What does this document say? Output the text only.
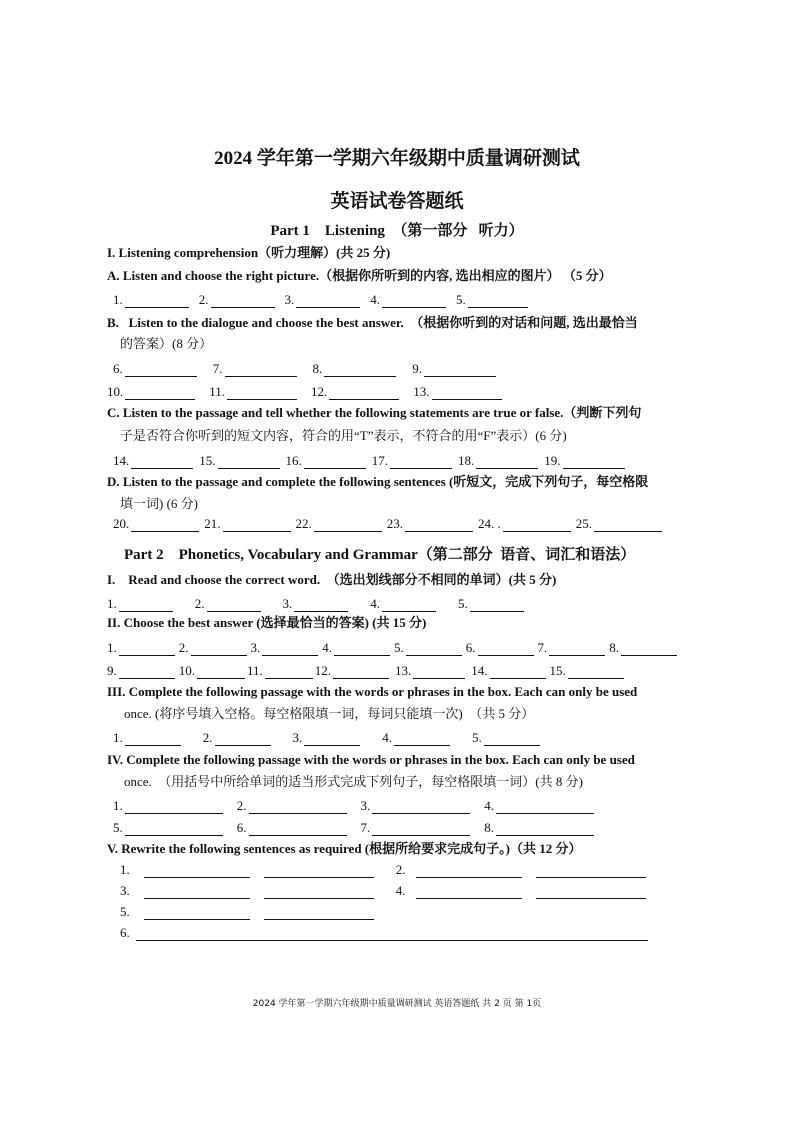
2024 学年第一学期六年级期中质量调研测试
英语试卷答题纸
Part 1    Listening  （第一部分   听力）
I. Listening comprehension（听力理解）(共 25 分)
A. Listen and choose the right picture.（根据你所听到的内容, 选出相应的图片） （5 分）
1.	2.	3.	4.	5.
B.   Listen to the dialogue and choose the best answer.  （根据你听到的对话和问题, 选出最恰当
的答案）(8 分）
6.	7.	8.	9.
10.	11.	12.	13.
C. Listen to the passage and tell whether the following statements are true or false.（判断下列句
子是否符合你听到的短文内容，符合的用“T”表示，不符合的用“F”表示）(6 分)
14.	15.	16.	17.	18.	19.
D. Listen to the passage and complete the following sentences (听短文，完成下列句子，每空格限
填一词) (6 分)
20.	21.	22.	23.	24. .	25.
Part 2    Phonetics, Vocabulary and Grammar（第二部分  语音、词汇和语法）
I.    Read and choose the correct word.  （选出划线部分不相同的单词）(共 5 分)
1.	2.	3.	4.	5.
II. Choose the best answer (选择最恰当的答案) (共 15 分)
1.	2.	3.	4.	5.	6.	7.	8.
9.	10.	11.	12.	13.	14.	15.
III. Complete the following passage with the words or phrases in the box. Each can only be used
once. (将序号填入空格。每空格限填一词，每词只能填一次)  （共 5 分）
1.	2.	3.	4.	5.
IV. Complete the following passage with the words or phrases in the box. Each can only be used
once.  （用括号中所给单词的适当形式完成下列句子，每空格限填一词）(共 8 分)
1.	2.	3.	4.
5.	6.	7.	8.
V. Rewrite the following sentences as required (根据所给要求完成句子。)（共 12 分）
1.	2.
3.	4.
5.
6.
2024 学年第一学期六年级期中质量调研测试 英语答题纸 共 2 页 第 1页
